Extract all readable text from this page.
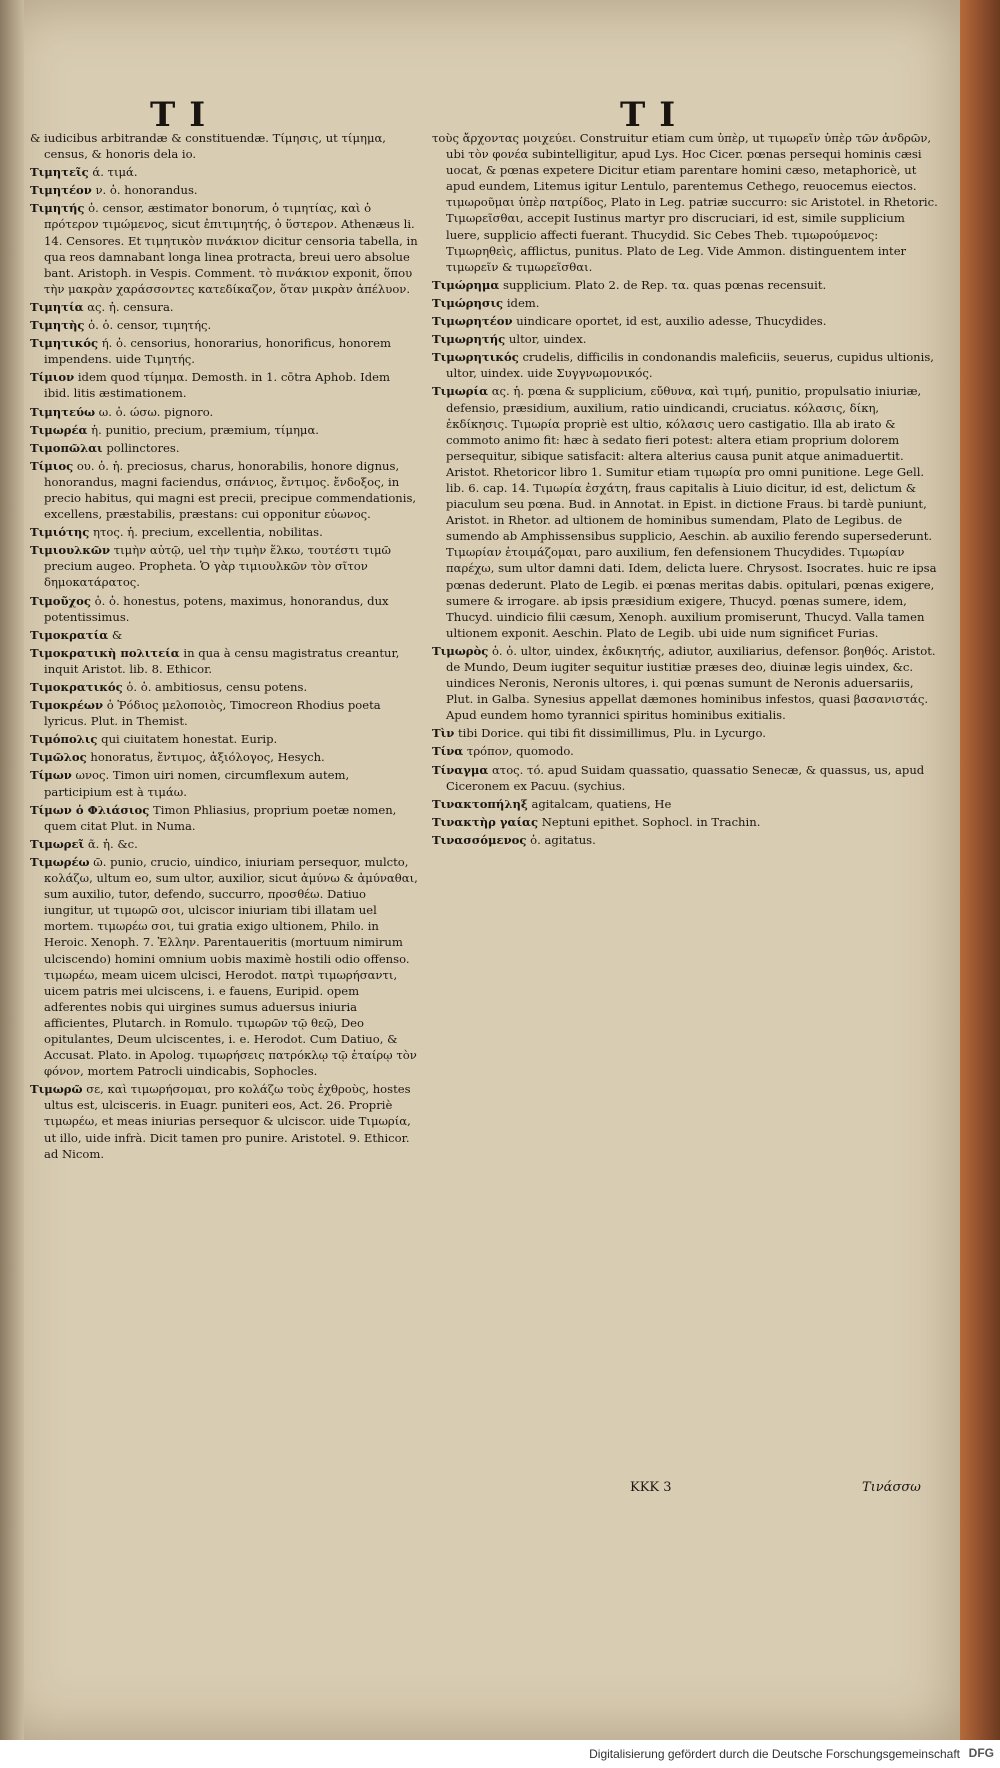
TI	TI

& iudicibus arbitrandæ & constituendæ. Τίμησις, ut τίμημα, census, & honoris dela io.

Τιμητεῖς ά. τιμά.

Τιμητέον ν. ὁ. honorandus.

Τιμητής ὁ. censor, æstimator bonorum, ὁ τιμητίας, καὶ ὁ πρότερον τιμώμενος, sicut ἐπιτιμητής, ὁ ὕστερον. Athenæus li. 14. Censores. Et τιμητικὸν πινάκιον dicitur censoria tabella, in qua reos damnabant longa linea protracta, breui uero absolue bant. Aristoph. in Vespis. Comment. τὸ πινάκιον exponit, ὅπου τὴν μακρὰν χαράσσοντες κατεδίκαζον, ὅταν μικρὰν ἀπέλυον.

Τιμητία ας. ἡ. censura.

Τιμητὴς ὁ. ὁ. censor, τιμητής.

Τιμητικός ή. ὁ. censorius, honorarius, honorificus, honorem impendens. uide Τιμητής.

Τίμιον idem quod τίμημα. Demosth. in 1. cōtra Aphob. Idem ibid. litis æstimationem.

Τιμητεύω ω. ὁ. ώσω. pignoro.

Τιμωρέα ἡ. punitio, precium, præmium, τίμημα.

Τιμοπῶλαι pollinctores.

Τίμιος ου. ὁ. ἡ. preciosus, charus, honorabilis, honore dignus, honorandus, magni faciendus, σπάνιος, ἔντιμος. ἔνδοξος, in precio habitus, qui magni est precii, precipue commendationis, excellens, præstabilis, præstans: cui opponitur εὐωνος.

Τιμιότης ητος. ἡ. precium, excellentia, nobilitas.

Τιμιουλκῶν τιμὴν αὐτῷ, uel τὴν τιμὴν ἕλκω, τουτέστι τιμῶ precium augeo. Propheta. Ὁ γὰρ τιμιουλκῶν τὸν σῖτον δημοκατάρατος.

Τιμοῦχος ὁ. ὁ. honestus, potens, maximus, honorandus, dux potentissimus.

Τιμοκρατία &

Τιμοκρατικὴ πολιτεία in qua à censu magistratus creantur, inquit Aristot. lib. 8. Ethicor.

Τιμοκρατικός ὁ. ὁ. ambitiosus, censu potens.

Τιμοκρέων ὁ Ῥόδιος μελοποιὸς, Timocreon Rhodius poeta lyricus. Plut. in Themist.

Τιμόπολις qui ciuitatem honestat. Eurip.

Τιμῶλος honoratus, ἔντιμος, ἀξιόλογος, Hesych.

Τίμων ωνος. Timon uiri nomen, circumflexum autem, participium est à τιμάω.

Τίμων ὁ Φλιάσιος Timon Phliasius, proprium poetæ nomen, quem citat Plut. in Numa.

Τιμωρεῖ ᾶ. ἡ. &c.

Τιμωρέω ῶ. punio, crucio, uindico, iniuriam persequor, mulcto, κολάζω, ultum eo, sum ultor, auxilior, sicut ἀμύνω & ἀμύναθαι, sum auxilio, tutor, defendo, succurro, προσθέω. Datiuo iungitur, ut τιμωρῶ σοι, ulciscor iniuriam tibi illatam uel mortem. τιμωρέω σοι, tui gratia exigo ultionem, Philo. in Heroic. Xenoph. 7. Ἑλλην. Parentaueritis (mortuum nimirum ulciscendo) homini omnium uobis maximè hostili odio offenso. τιμωρέω, meam uicem ulcisci, Herodot. πατρὶ τιμωρήσαντι, uicem patris mei ulciscens, i. e fauens, Euripid. opem adferentes nobis qui uirgines sumus aduersus iniuria afficientes, Plutarch. in Romulo. τιμωρῶν τῷ θεῷ, Deo opitulantes, Deum ulciscentes, i. e. Herodot. Cum Datiuo, & Accusat. Plato. in Apolog. τιμωρήσεις πατρόκλῳ τῷ ἑταίρῳ τὸν φόνον, mortem Patrocli uindicabis, Sophocles.

Τιμωρῶ σε, καὶ τιμωρήσομαι, pro κολάζω τοὺς ἐχθροὺς, hostes ultus est, ulcisceris. in Euagr. puniteri eos, Act. 26. Propriè τιμωρέω, et meas iniurias persequor & ulciscor. uide Τιμωρία, ut illo, uide infrà. Dicit tamen pro punire. Aristotel. 9. Ethicor. ad Nicom.

τοὺς ἄρχοντας μοιχεύει. Construitur etiam cum ὑπὲρ, ut τιμωρεῖν ὑπὲρ τῶν ἀνδρῶν, ubi τὸν φονέα subintelligitur, apud Lys. Hoc Cicer. pœnas persequi hominis cæsi uocat, & pœnas expetere Dicitur etiam parentare homini cæso, metaphoricè, ut apud eundem, Litemus igitur Lentulo, parentemus Cethego, reuocemus eiectos. τιμωροῦμαι ὑπὲρ πατρίδος, Plato in Leg. patriæ succurro: sic Aristotel. in Rhetoric. Τιμωρεῖσθαι, accepit Iustinus martyr pro discruciari, id est, simile supplicium luere, supplicio affecti fuerant. Thucydid. Sic Cebes Theb. τιμωρούμενος: Τιμωρηθεὶς, afflictus, punitus. Plato de Leg. Vide Ammon. distinguentem inter τιμωρεῖν & τιμωρεῖσθαι.

Τιμώρημα supplicium. Plato 2. de Rep. τα. quas pœnas recensuit.

Τιμώρησις idem.

Τιμωρητέον uindicare oportet, id est, auxilio adesse, Thucydides.

Τιμωρητής ultor, uindex.

Τιμωρητικός crudelis, difficilis in condonandis maleficiis, seuerus, cupidus ultionis, ultor, uindex. uide Συγγνωμονικός.

Τιμωρία ας. ἡ. pœna & supplicium, εὔθυνα, καὶ τιμή, punitio, propulsatio iniuriæ, defensio, præsidium, auxilium, ratio uindicandi, cruciatus. κόλασις, δίκη, ἐκδίκησις. Τιμωρία propriè est ultio, κόλασις uero castigatio. Illa ab irato & commoto animo fit: hæc à sedato fieri potest: altera etiam proprium dolorem persequitur, sibique satisfacit: altera alterius causa punit atque animaduertit. Aristot. Rhetoricor libro 1. Sumitur etiam τιμωρία pro omni punitione. Lege Gell. lib. 6. cap. 14. Τιμωρία ἐσχάτη, fraus capitalis à Liuio dicitur, id est, delictum & piaculum seu pœna. Bud. in Annotat. in Epist. in dictione Fraus. bi tardè puniunt, Aristot. in Rhetor. ad ultionem de hominibus sumendam, Plato de Legibus. de sumendo ab Amphissensibus supplicio, Aeschin. ab auxilio ferendo supersederunt. Τιμωρίαν ἑτοιμάζομαι, paro auxilium, fen defensionem Thucydides. Τιμωρίαν παρέχω, sum ultor damni dati. Idem, delicta luere. Chrysost. Isocrates. huic re ipsa pœnas dederunt. Plato de Legib. ei pœnas meritas dabis. opitulari, pœnas exigere, sumere & irrogare. ab ipsis præsidium exigere, Thucyd. pœnas sumere, idem, Thucyd. uindicio filii cæsum, Xenoph. auxilium promiserunt, Thucyd. Valla tamen ultionem exponit. Aeschin. Plato de Legib. ubi uide num significet Furias.

Τιμωρὸς ὁ. ὁ. ultor, uindex, ἐκδικητής, adiutor, auxiliarius, defensor. βοηθός. Aristot. de Mundo, Deum iugiter sequitur iustitiæ præses deo, diuinæ legis uindex, &c. uindices Neronis, Neronis ultores, i. qui pœnas sumunt de Neronis aduersariis, Plut. in Galba. Synesius appellat dæmones hominibus infestos, quasi βασανιστάς. Apud eundem homo tyrannici spiritus hominibus exitialis.

Τὶν tibi Dorice. qui tibi fit dissimillimus, Plu. in Lycurgo.

Τίνα τρόπον, quomodo.

Τίναγμα ατος. τό. apud Suidam quassatio, quassatio Senecæ, & quassus, us, apud Ciceronem ex Pacuu. (sychius.

Τινακτοπήληξ agitalcam, quatiens, He

Τινακτὴρ γαίας Neptuni epithet. Sophocl. in Trachin.

Τινασσόμενος ὁ. agitatus.

KKK 3	Τινάσσω
Digitalisierung gefördert durch die Deutsche Forschungsgemeinschaft DFG
